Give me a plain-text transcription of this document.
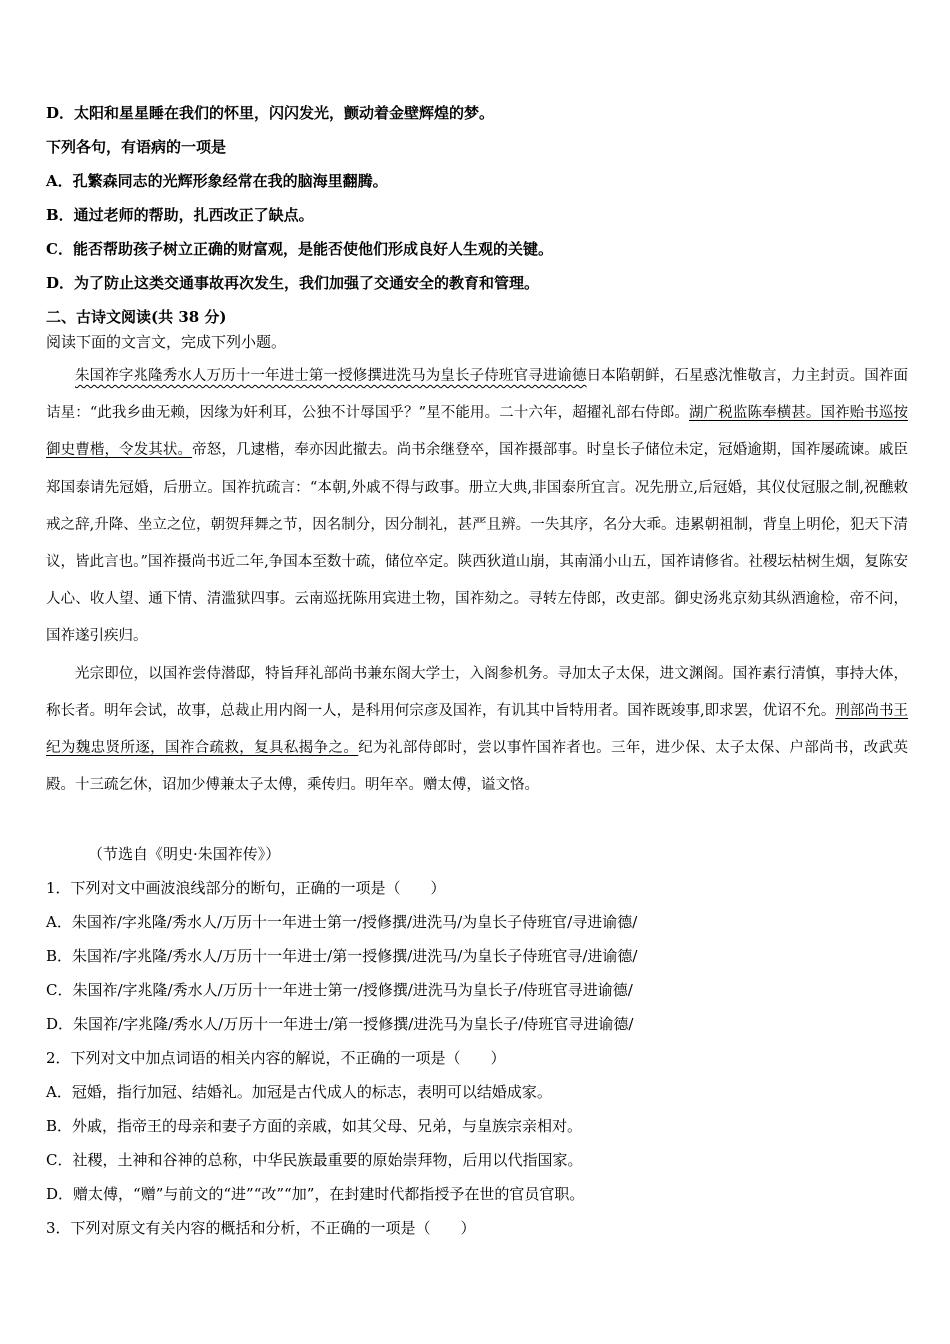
D．太阳和星星睡在我们的怀里，闪闪发光，颤动着金壁辉煌的梦。
下列各句，有语病的一项是
A．孔繁森同志的光辉形象经常在我的脑海里翻腾。
B．通过老师的帮助，扎西改正了缺点。
C．能否帮助孩子树立正确的财富观，是能否使他们形成良好人生观的关键。
D．为了防止这类交通事故再次发生，我们加强了交通安全的教育和管理。
二、古诗文阅读(共 38 分)
阅读下面的文言文，完成下列小题。

朱国祚字兆隆秀水人万历十一年进士第一授修撰进洗马为皇长子侍班官寻进谕德日本陷朝鲜，石星惑沈惟敬言，力主封贡。国祚面诘星：“此我乡曲无赖，因缘为奸利耳，公独不计辱国乎？”星不能用。二十六年，超擢礼部右侍郎。湖广税监陈奉横甚。国祚贻书巡按御史曹楷，令发其状。帝怒，几逮楷，奉亦因此撤去。尚书余继登卒，国祚摄部事。时皇长子储位未定，冠婚逾期，国祚屡疏谏。戚臣郑国泰请先冠婚，后册立。国祚抗疏言：“本朝,外戚不得与政事。册立大典,非国泰所宜言。况先册立,后冠婚，其仪仗冠服之制,祝醮敕戒之辞,升降、坐立之位，朝贺拜舞之节，因名制分，因分制礼，甚严且辨。一失其序，名分大乖。违累朝祖制，背皇上明伦，犯天下清议，皆此言也。”国祚摄尚书近二年,争国本至数十疏，储位卒定。陕西狄道山崩，其南涌小山五，国祚请修省。社稷坛枯树生烟，复陈安人心、收人望、通下情、清滥狱四事。云南巡抚陈用宾进土物，国祚劾之。寻转左侍郎，改吏部。御史汤兆京劾其纵酒逾检，帝不问，国祚遂引疾归。

光宗即位，以国祚尝侍潜邸，特旨拜礼部尚书兼东阁大学士，入阁参机务。寻加太子太保，进文渊阁。国祚素行清慎，事持大体，称长者。明年会试，故事，总裁止用内阁一人，是科用何宗彦及国祚，有讥其中旨特用者。国祚既竣事,即求罢，优诏不允。刑部尚书王纪为魏忠贤所逐，国祚合疏救，复具私揭争之。纪为礼部侍郎时，尝以事忤国祚者也。三年，进少保、太子太保、户部尚书，改武英殿。十三疏乞休，诏加少傅兼太子太傅，乘传归。明年卒。赠太傅，谥文恪。

（节选自《明史·朱国祚传》）
1．下列对文中画波浪线部分的断句，正确的一项是（　　）
A．朱国祚/字兆隆/秀水人/万历十一年进士第一/授修撰/进洗马/为皇长子侍班官/寻进谕德/
B．朱国祚/字兆隆/秀水人/万历十一年进士/第一授修撰/进洗马/为皇长子侍班官寻/进谕德/
C．朱国祚/字兆隆/秀水人/万历十一年进士第一/授修撰/进洗马为皇长子/侍班官寻进谕德/
D．朱国祚/字兆隆/秀水人/万历十一年进士/第一授修撰/进洗马为皇长子/侍班官寻进谕德/
2．下列对文中加点词语的相关内容的解说，不正确的一项是（　　）
A．冠婚，指行加冠、结婚礼。加冠是古代成人的标志，表明可以结婚成家。
B．外戚，指帝王的母亲和妻子方面的亲戚，如其父母、兄弟，与皇族宗亲相对。
C．社稷，土神和谷神的总称，中华民族最重要的原始崇拜物，后用以代指国家。
D．赠太傅，“赠”与前文的“进”“改”“加”，在封建时代都指授予在世的官员官职。
3．下列对原文有关内容的概括和分析，不正确的一项是（　　）
